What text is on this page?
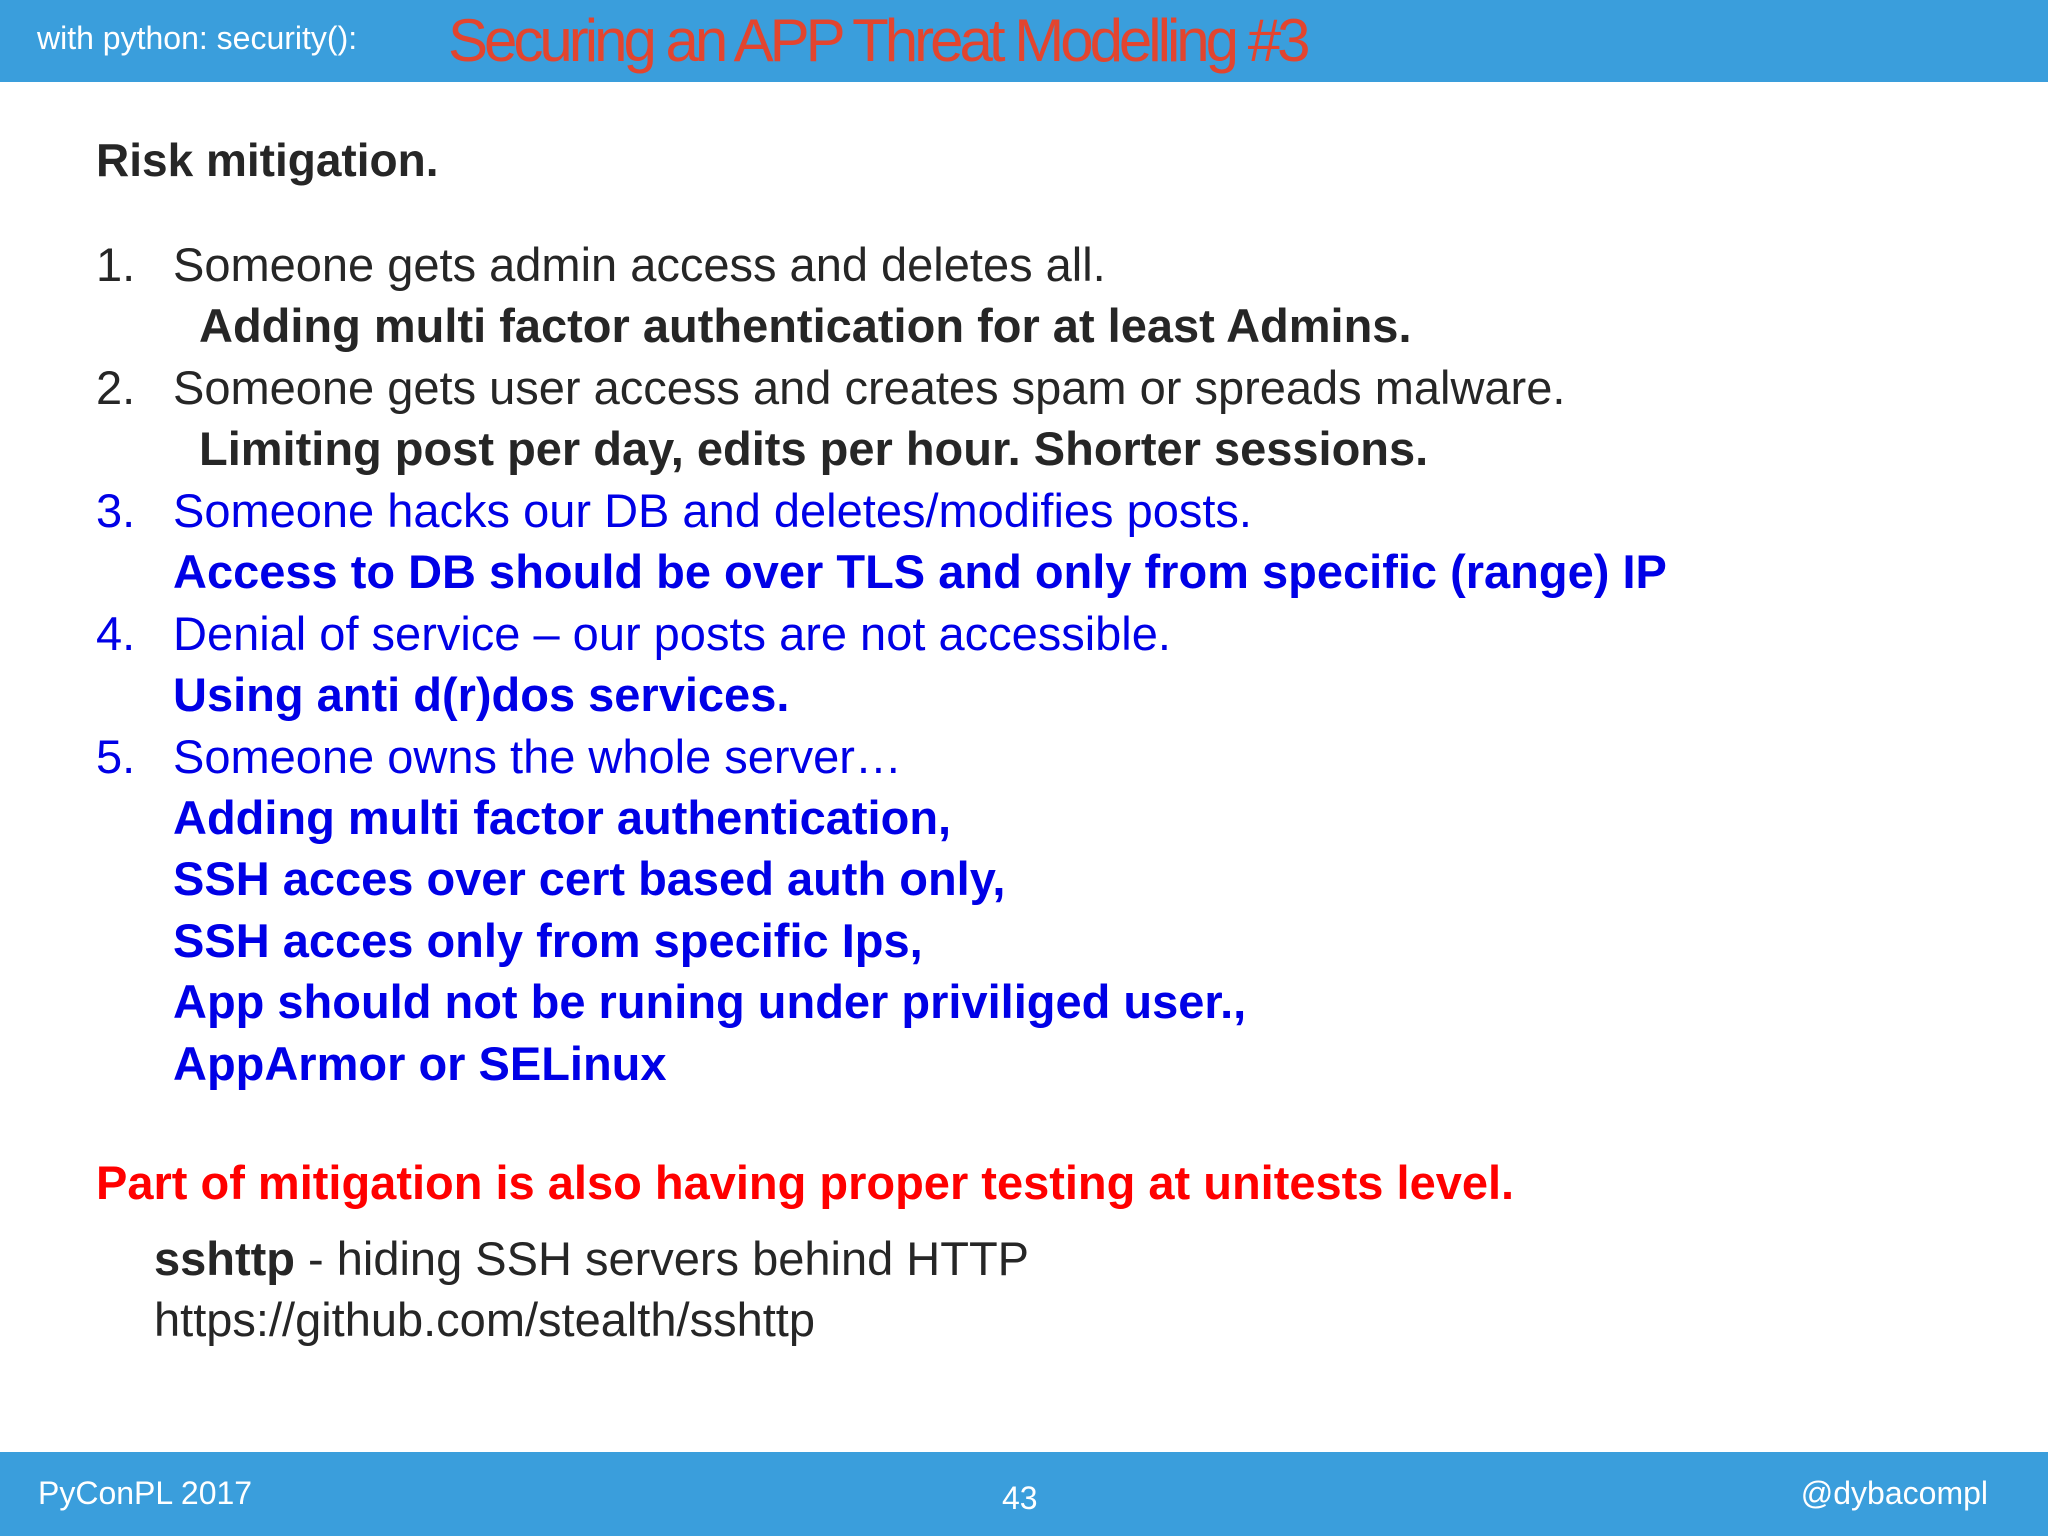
with python: security(): Securing an APP Threat Modelling #3
Risk mitigation.
1. Someone gets admin access and deletes all.
Adding multi factor authentication for at least Admins.
2. Someone gets user access and creates spam or spreads malware.
Limiting post per day, edits per hour. Shorter sessions.
3. Someone hacks our DB and deletes/modifies posts.
Access to DB should be over TLS and only from specific (range) IP
4. Denial of service – our posts are not accessible.
Using anti d(r)dos services.
5. Someone owns the whole server…
Adding multi factor authentication,
SSH acces over cert based auth only,
SSH acces only from specific Ips,
App should not be runing under priviliged user.,
AppArmor or SELinux
Part of mitigation is also having proper testing at unitests level.
sshttp - hiding SSH servers behind HTTP
https://github.com/stealth/sshttp
PyConPL 2017	43	@dybacompl
